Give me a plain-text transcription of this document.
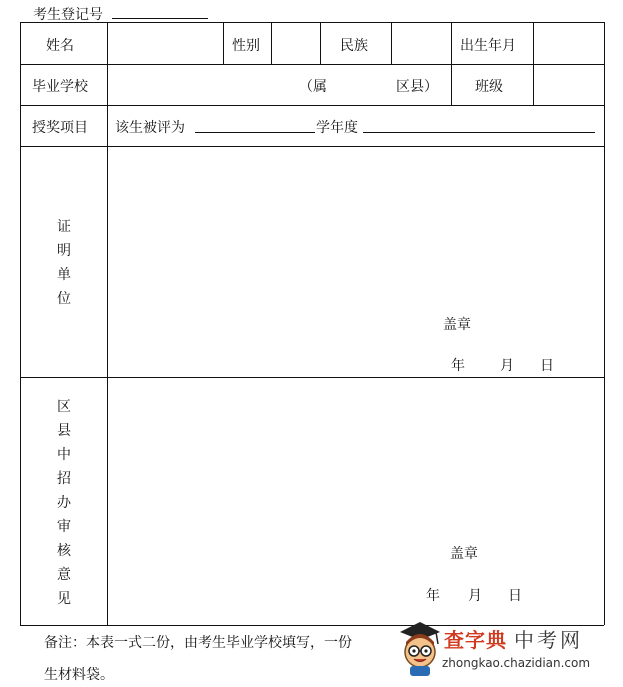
考生登记号
姓名	性别	民族	出生年月
毕业学校	（属	区县）	班级
授奖项目 该生被评为	学年度
证
明
单
位
盖章
年	月 日
区
县
中
招
办
审
核
意
见
盖章
年 月 日
备注：本表一式二份，由考生毕业学校填写，一份
生材料袋。
查字典 中考网
zhongkao.chazidian.com
